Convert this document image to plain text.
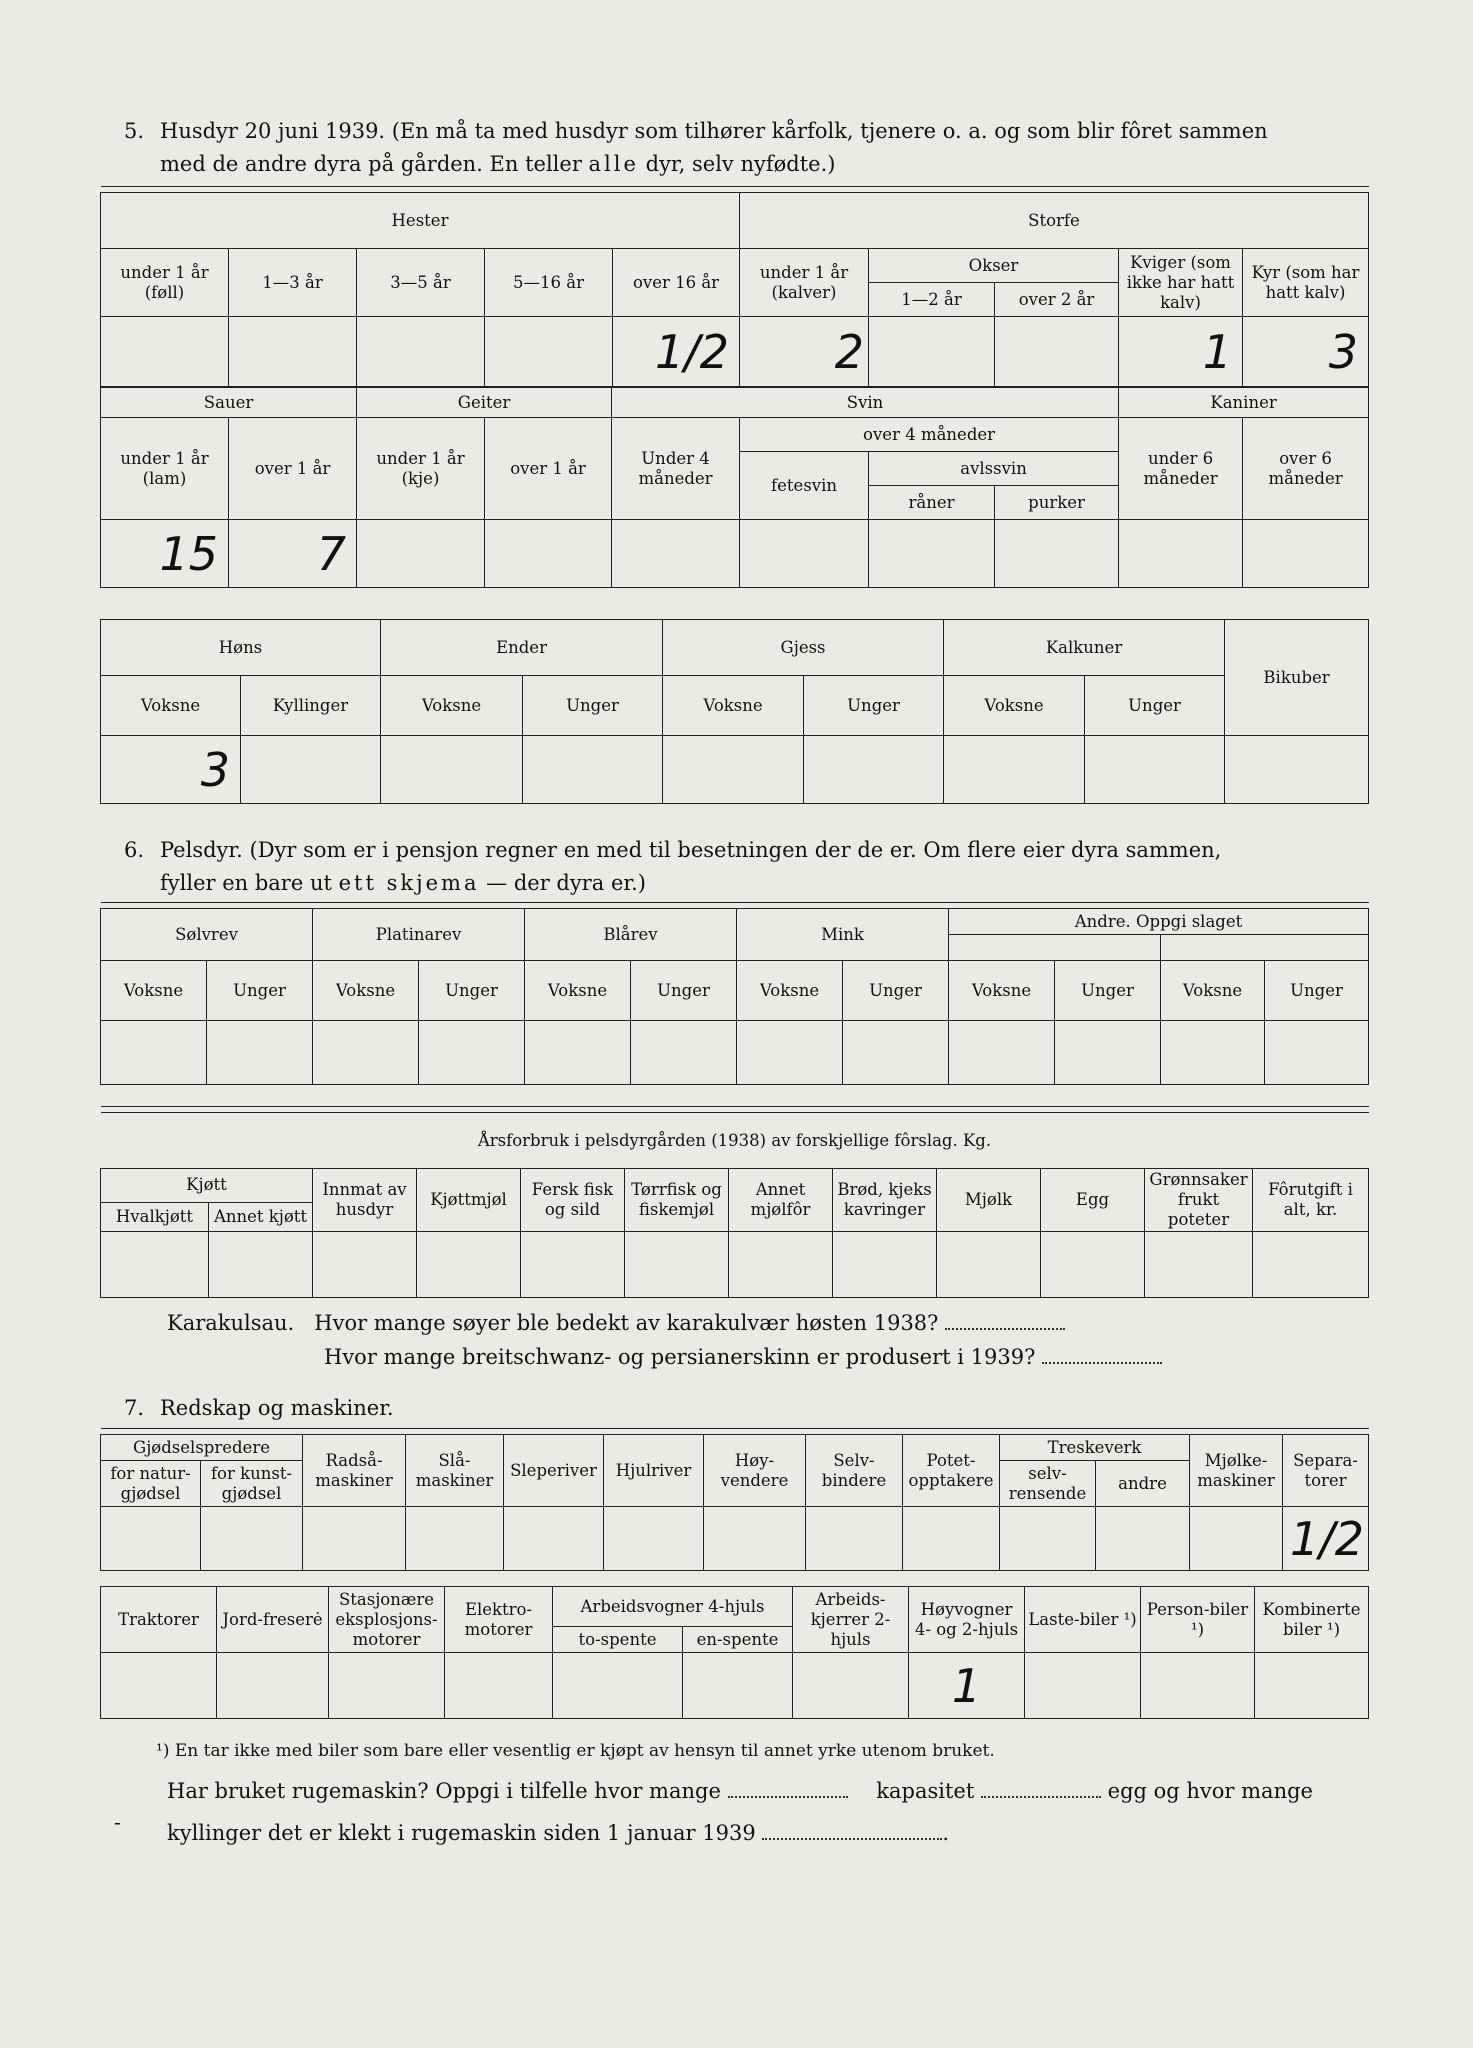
5. Husdyr 20 juni 1939. (En må ta med husdyr som tilhører kårfolk, tjenere o. a. og som blir fôret sammen
med de andre dyra på gården. En teller alle dyr, selv nyfødte.)

Hester					Storfe				
under 1 år (føll)	1—3 år	3—5 år	5—16 år	over 16 år	under 1 år (kalver)	Okser		Kviger (som ikke har hatt kalv)	Kyr (som har hatt kalv)
						1—2 år	over 2 år		
				1/2	2			1	3
Sauer		Geiter		Svin				Kaniner	
under 1 år (lam)	over 1 år	under 1 år (kje)	over 1 år	Under 4 måneder	over 4 måneder			under 6 måneder	over 6 måneder
					fetesvin	avlssvin			
						råner	purker		
15	7								
Høns		Ender		Gjess		Kalkuner		Bikuber
Voksne	Kyllinger	Voksne	Unger	Voksne	Unger	Voksne	Unger	
3								
6. Pelsdyr. (Dyr som er i pensjon regner en med til besetningen der de er. Om flere eier dyra sammen,
fyller en bare ut ett skjema — der dyra er.)

Sølvrev		Platinarev		Blårev		Mink		Andre. Oppgi slaget			

Voksne	Unger	Voksne	Unger	Voksne	Unger	Voksne	Unger	Voksne	Unger	Voksne	Unger

Årsforbruk i pelsdyrgården (1938) av forskjellige fôrslag. Kg.											
Kjøtt		Innmat av husdyr	Kjøttmjøl	Fersk fisk og sild	Tørrfisk og fiskemjøl	Annet mjølfôr	Brød, kjeks kavringer	Mjølk	Egg	Grønnsaker frukt poteter	Fôrutgift i alt, kr.
Hvalkjøtt	Annet kjøtt										

Karakulsau. Hvor mange søyer ble bedekt av karakulvær høsten 1938?
Hvor mange breitschwanz- og persianerskinn er produsert i 1939?
7. Redskap og maskiner.

Gjødselspredere		Radså-maskiner	Slå-maskiner	Sleperiver	Hjulriver	Høy-vendere	Selv-bindere	Potet-opptakere	Treskeverk		Mjølke-maskiner	Separa-torer
for natur-gjødsel	for kunst-gjødsel								selv-rensende	andre		
												1/2
Traktorer	Jord-freserė	Stasjonære eksplosjons-motorer	Elektro-motorer	Arbeidsvogner 4-hjuls		Arbeids-kjerrer 2-hjuls	Høyvogner 4- og 2-hjuls	Laste-biler ¹)	Person-biler ¹)	Kombinerte biler ¹)
				to-spente	en-spente					
							1			
¹) En tar ikke med biler som bare eller vesentlig er kjøpt av hensyn til annet yrke utenom bruket.
Har bruket rugemaskin? Oppgi i tilfelle hvor mange	kapasitet	egg og hvor mange
kyllinger det er klekt i rugemaskin siden 1 januar 1939	.
-
